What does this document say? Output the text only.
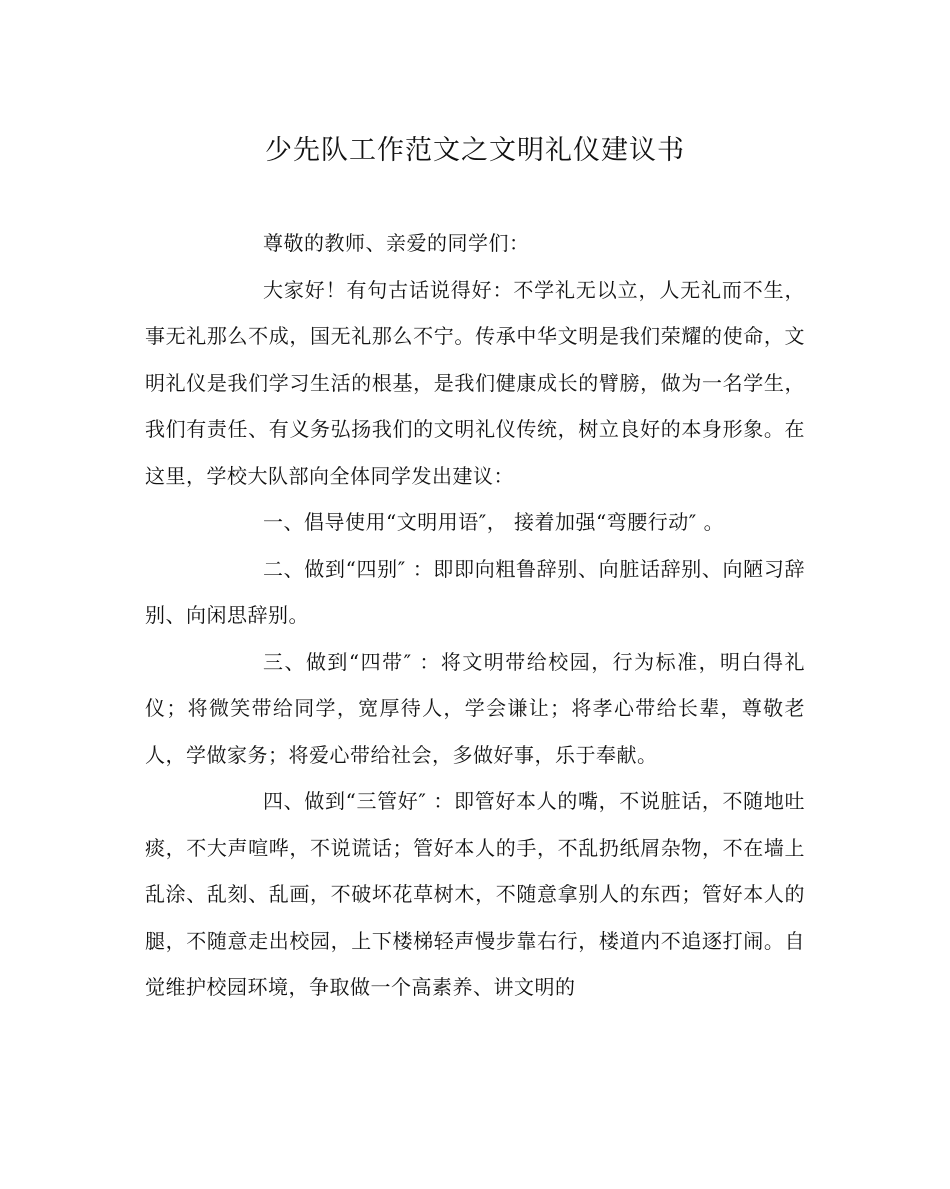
少先队工作范文之文明礼仪建议书

尊敬的教师、亲爱的同学们：

大家好！有句古话说得好：不学礼无以立，人无礼而不生，事无礼那么不成，国无礼那么不宁。传承中华文明是我们荣耀的使命，文明礼仪是我们学习生活的根基，是我们健康成长的臂膀，做为一名学生，我们有责任、有义务弘扬我们的文明礼仪传统，树立良好的本身形象。在这里，学校大队部向全体同学发出建议：

一、倡导使用“文明用语″， 接着加强“弯腰行动″ 。

二、做到“四别″ ：即即向粗鲁辞别、向脏话辞别、向陋习辞别、向闲思辞别。

三、做到“四带″ ：将文明带给校园，行为标准，明白得礼仪；将微笑带给同学，宽厚待人，学会谦让；将孝心带给长辈，尊敬老人，学做家务；将爱心带给社会，多做好事，乐于奉献。

四、做到“三管好″ ：即管好本人的嘴，不说脏话，不随地吐痰，不大声喧哗，不说谎话；管好本人的手，不乱扔纸屑杂物，不在墙上乱涂、乱刻、乱画，不破坏花草树木，不随意拿别人的东西；管好本人的腿，不随意走出校园，上下楼梯轻声慢步靠右行，楼道内不追逐打闹。自觉维护校园环境，争取做一个高素养、讲文明的
